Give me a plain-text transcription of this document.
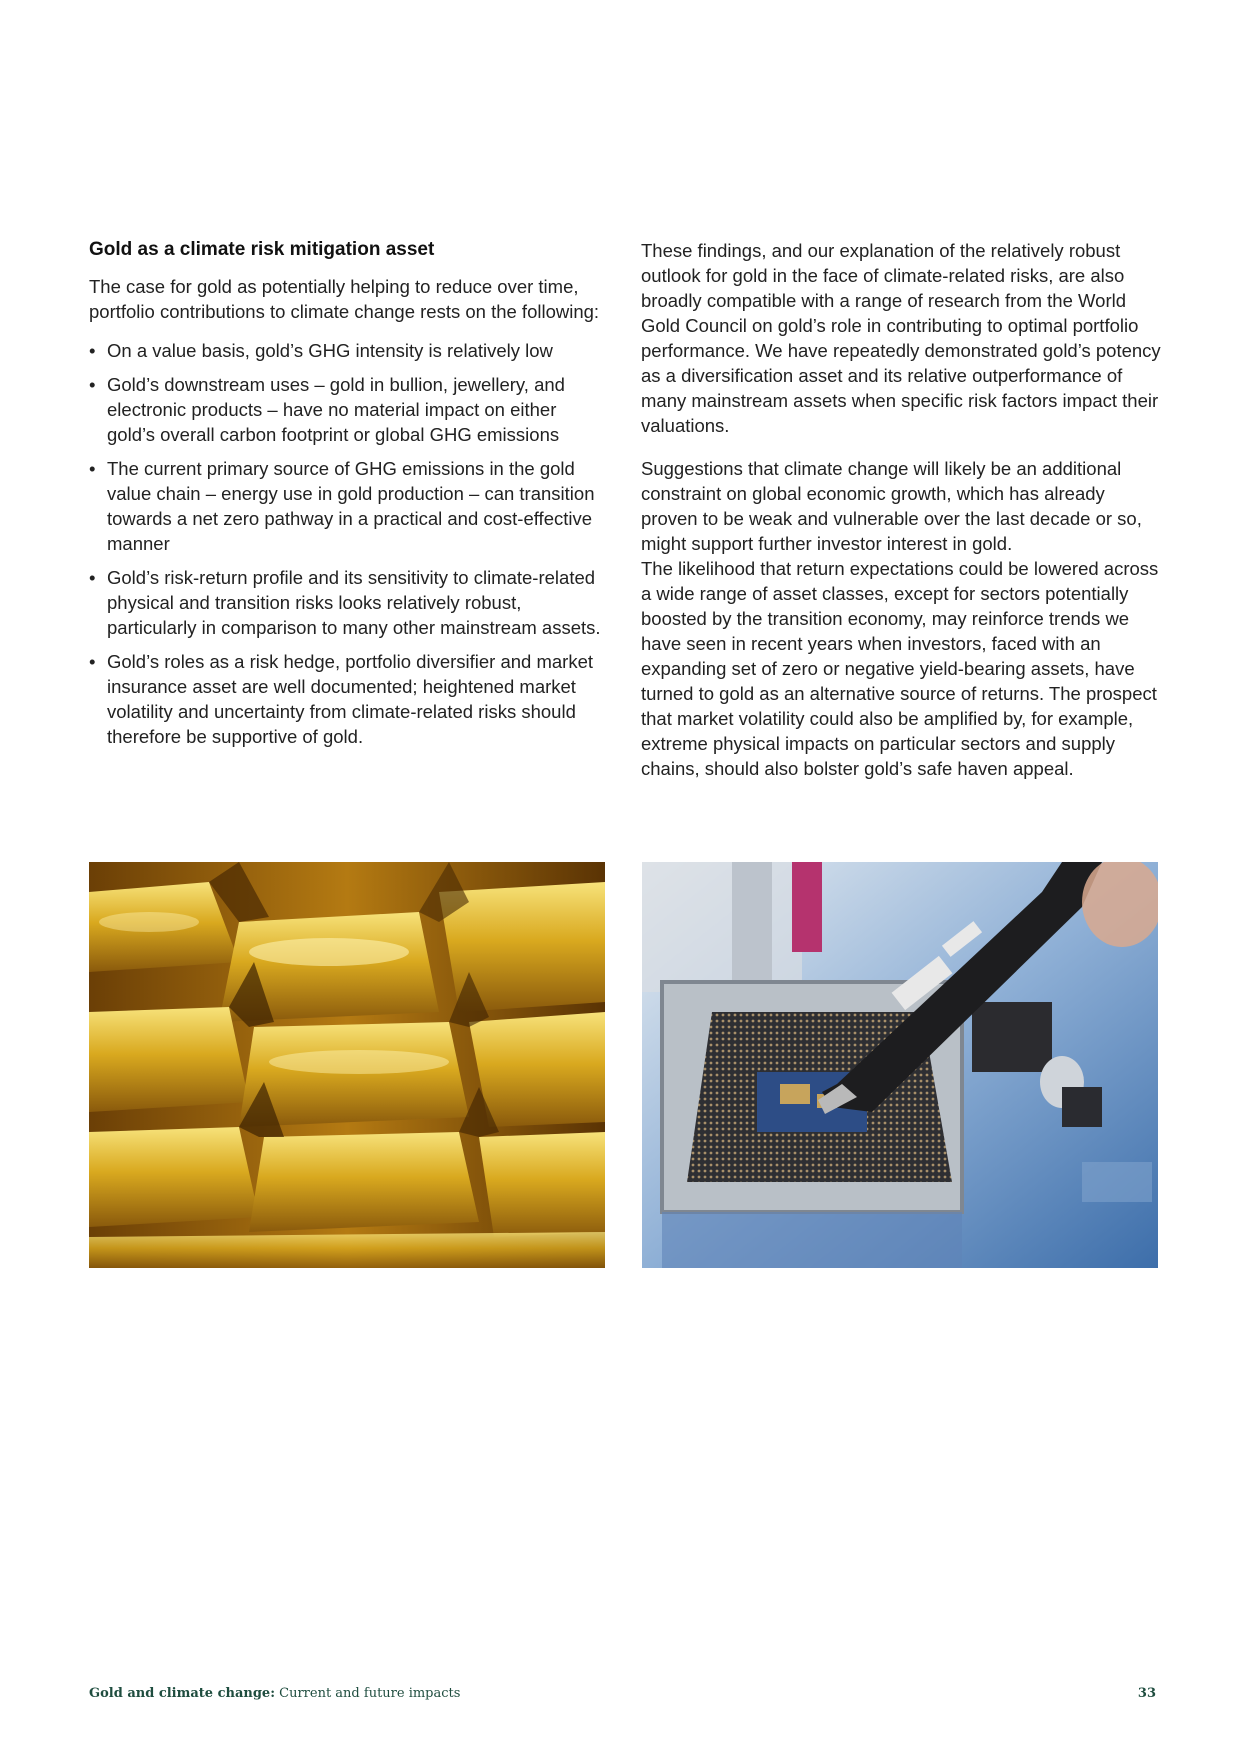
Gold as a climate risk mitigation asset

The case for gold as potentially helping to reduce over time, portfolio contributions to climate change rests on the following:

• On a value basis, gold’s GHG intensity is relatively low
• Gold’s downstream uses – gold in bullion, jewellery, and electronic products – have no material impact on either gold’s overall carbon footprint or global GHG emissions
• The current primary source of GHG emissions in the gold value chain – energy use in gold production – can transition towards a net zero pathway in a practical and cost-effective manner
• Gold’s risk-return profile and its sensitivity to climate-related physical and transition risks looks relatively robust, particularly in comparison to many other mainstream assets.
• Gold’s roles as a risk hedge, portfolio diversifier and market insurance asset are well documented; heightened market volatility and uncertainty from climate-related risks should therefore be supportive of gold.

These findings, and our explanation of the relatively robust outlook for gold in the face of climate-related risks, are also broadly compatible with a range of research from the World Gold Council on gold’s role in contributing to optimal portfolio performance. We have repeatedly demonstrated gold’s potency as a diversification asset and its relative outperformance of many mainstream assets when specific risk factors impact their valuations.

Suggestions that climate change will likely be an additional constraint on global economic growth, which has already proven to be weak and vulnerable over the last decade or so, might support further investor interest in gold.

The likelihood that return expectations could be lowered across a wide range of asset classes, except for sectors potentially boosted by the transition economy, may reinforce trends we have seen in recent years when investors, faced with an expanding set of zero or negative yield-bearing assets, have turned to gold as an alternative source of returns. The prospect that market volatility could also be amplified by, for example, extreme physical impacts on particular sectors and supply chains, should also bolster gold’s safe haven appeal.

Gold and climate change: Current and future impacts	33
